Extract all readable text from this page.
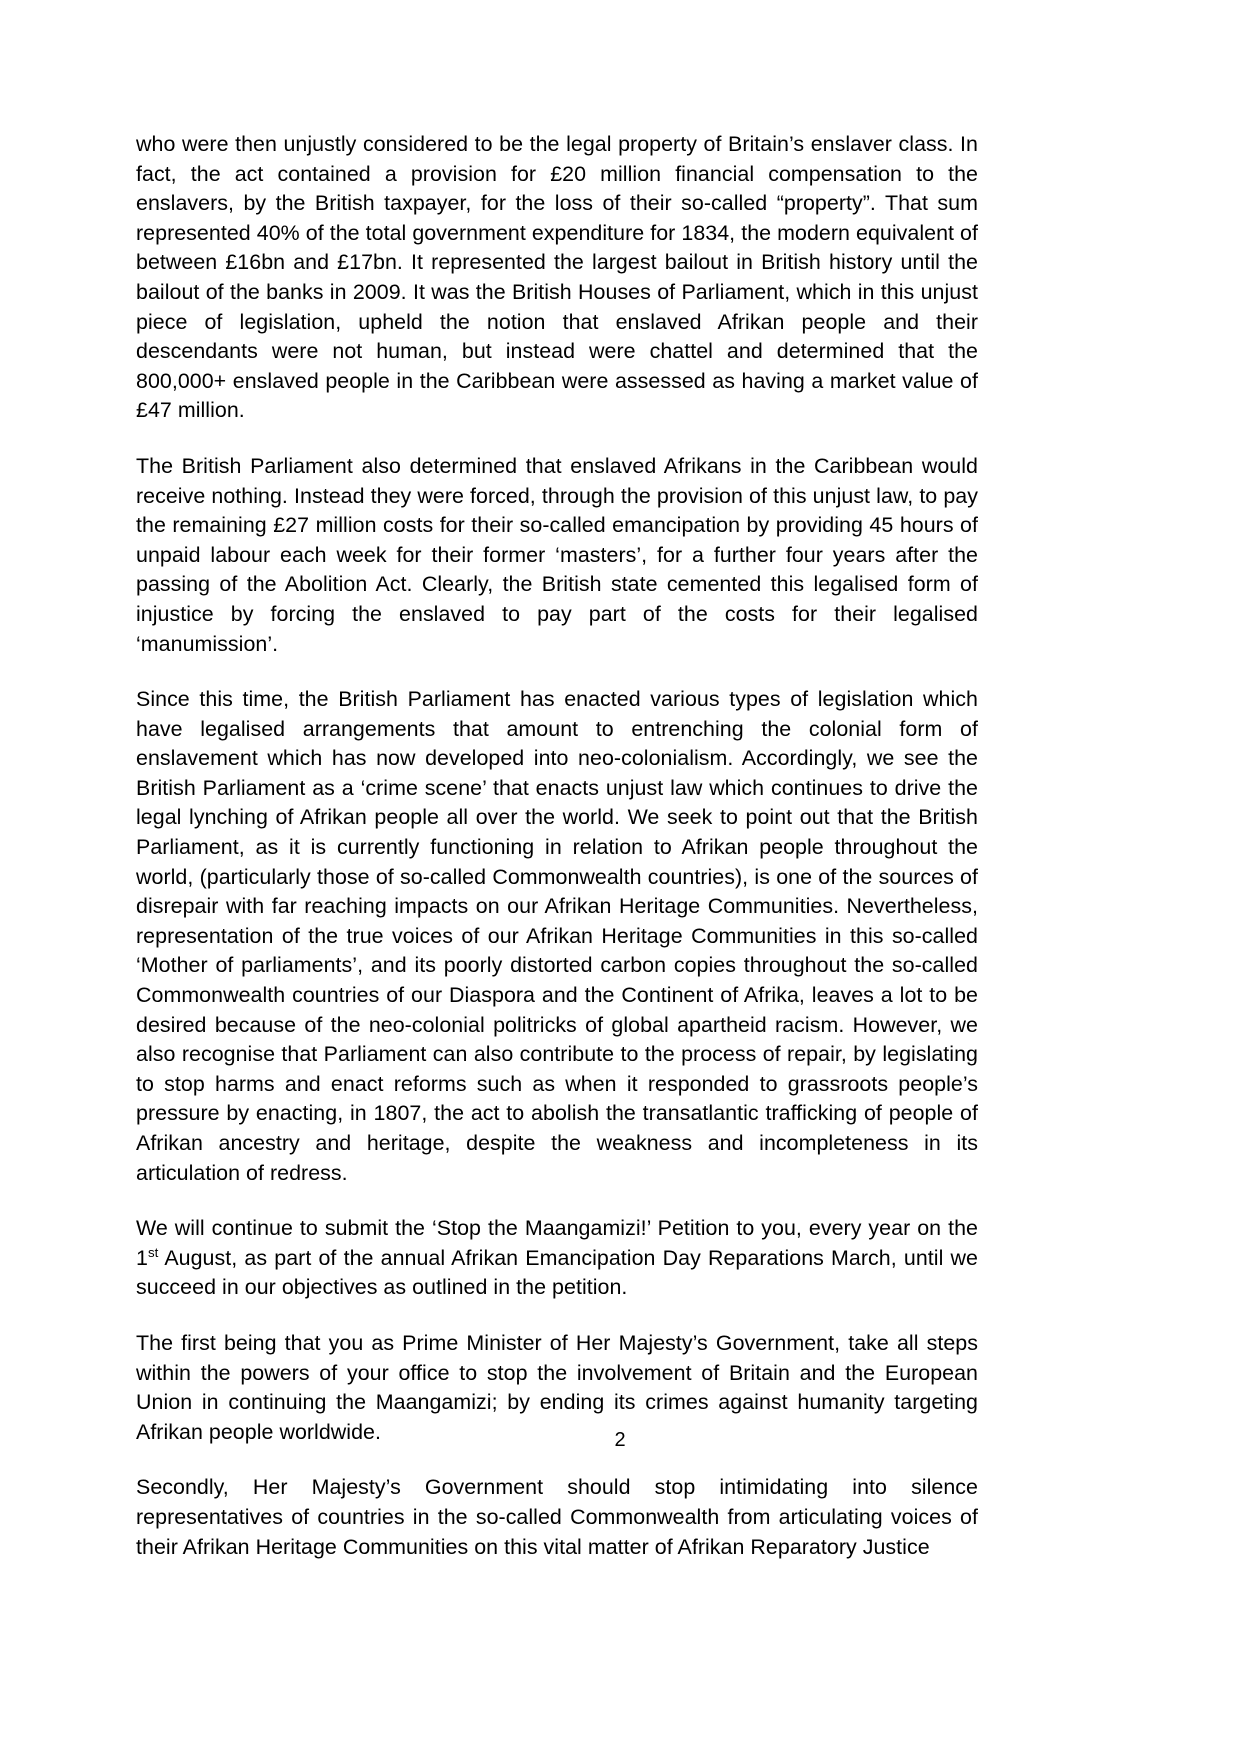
who were then unjustly considered to be the legal property of Britain’s enslaver class. In fact, the act contained a provision for £20 million financial compensation to the enslavers, by the British taxpayer, for the loss of their so-called “property”. That sum represented 40% of the total government expenditure for 1834, the modern equivalent of between £16bn and £17bn. It represented the largest bailout in British history until the bailout of the banks in 2009. It was the British Houses of Parliament, which in this unjust piece of legislation, upheld the notion that enslaved Afrikan people and their descendants were not human, but instead were chattel and determined that the 800,000+ enslaved people in the Caribbean were assessed as having a market value of £47 million.

The British Parliament also determined that enslaved Afrikans in the Caribbean would receive nothing. Instead they were forced, through the provision of this unjust law, to pay the remaining £27 million costs for their so-called emancipation by providing 45 hours of unpaid labour each week for their former ‘masters’, for a further four years after the passing of the Abolition Act. Clearly, the British state cemented this legalised form of injustice by forcing the enslaved to pay part of the costs for their legalised ‘manumission’.

Since this time, the British Parliament has enacted various types of legislation which have legalised arrangements that amount to entrenching the colonial form of enslavement which has now developed into neo-colonialism. Accordingly, we see the British Parliament as a ‘crime scene’ that enacts unjust law which continues to drive the legal lynching of Afrikan people all over the world. We seek to point out that the British Parliament, as it is currently functioning in relation to Afrikan people throughout the world, (particularly those of so-called Commonwealth countries), is one of the sources of disrepair with far reaching impacts on our Afrikan Heritage Communities. Nevertheless, representation of the true voices of our Afrikan Heritage Communities in this so-called ‘Mother of parliaments’, and its poorly distorted carbon copies throughout the so-called Commonwealth countries of our Diaspora and the Continent of Afrika, leaves a lot to be desired because of the neo-colonial politricks of global apartheid racism. However, we also recognise that Parliament can also contribute to the process of repair, by legislating to stop harms and enact reforms such as when it responded to grassroots people’s pressure by enacting, in 1807, the act to abolish the transatlantic trafficking of people of Afrikan ancestry and heritage, despite the weakness and incompleteness in its articulation of redress.

We will continue to submit the ‘Stop the Maangamizi!’ Petition to you, every year on the 1st August, as part of the annual Afrikan Emancipation Day Reparations March, until we succeed in our objectives as outlined in the petition.

The first being that you as Prime Minister of Her Majesty’s Government, take all steps within the powers of your office to stop the involvement of Britain and the European Union in continuing the Maangamizi; by ending its crimes against humanity targeting Afrikan people worldwide.

Secondly, Her Majesty’s Government should stop intimidating into silence representatives of countries in the so-called Commonwealth from articulating voices of their Afrikan Heritage Communities on this vital matter of Afrikan Reparatory Justice

2
